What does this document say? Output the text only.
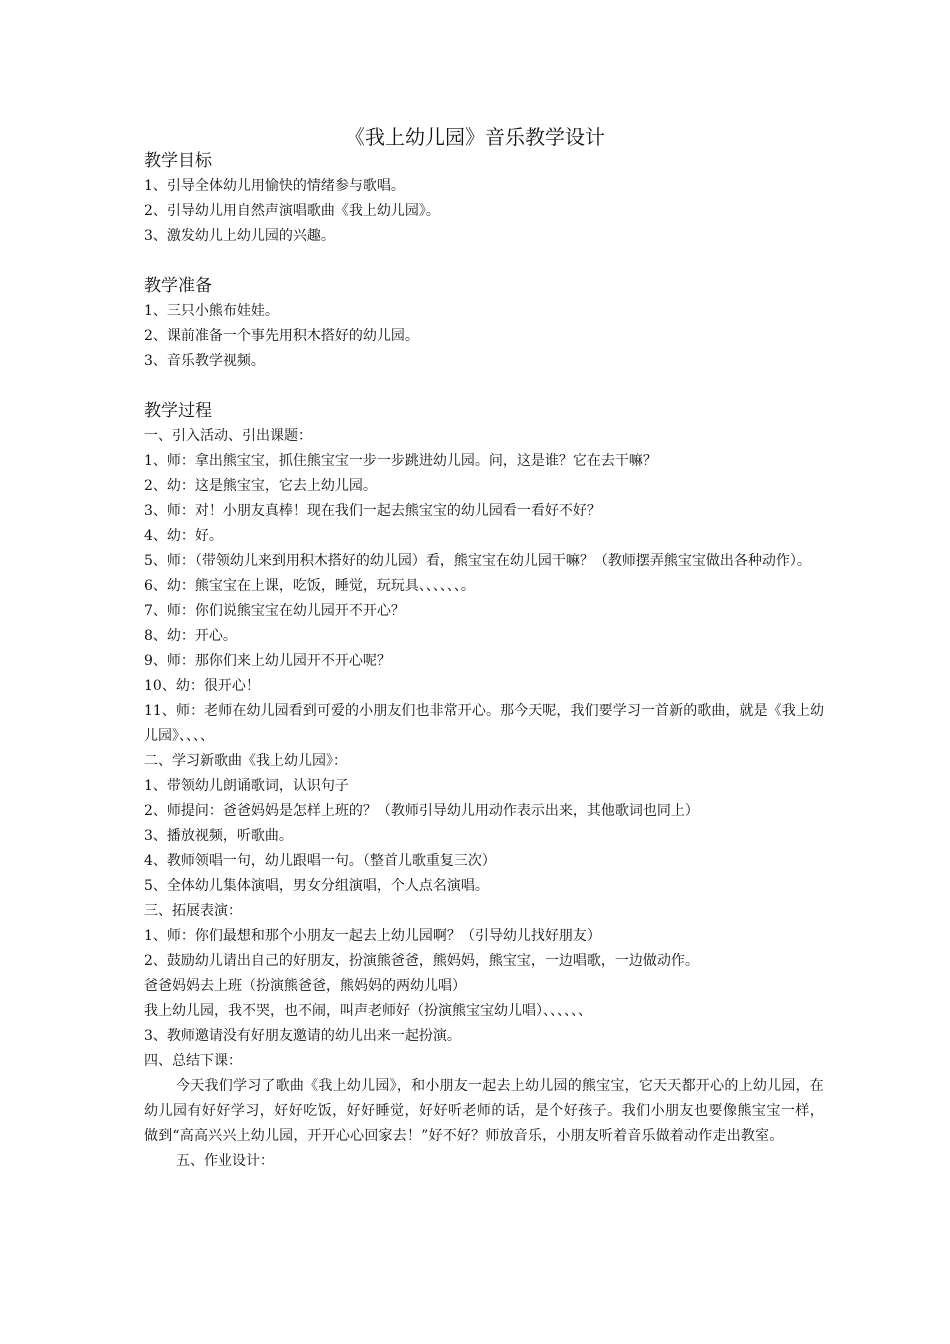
《我上幼儿园》音乐教学设计
教学目标
1、引导全体幼儿用愉快的情绪参与歌唱。
2、引导幼儿用自然声演唱歌曲《我上幼儿园》。
3、激发幼儿上幼儿园的兴趣。
教学准备
1、三只小熊布娃娃。
2、课前准备一个事先用积木搭好的幼儿园。
3、音乐教学视频。
教学过程
一、引入活动、引出课题：
1、师：拿出熊宝宝，抓住熊宝宝一步一步跳进幼儿园。问，这是谁？它在去干嘛？
2、幼：这是熊宝宝，它去上幼儿园。
3、师：对！小朋友真棒！现在我们一起去熊宝宝的幼儿园看一看好不好？
4、幼：好。
5、师：（带领幼儿来到用积木搭好的幼儿园）看，熊宝宝在幼儿园干嘛？（教师摆弄熊宝宝做出各种动作）。
6、幼：熊宝宝在上课，吃饭，睡觉，玩玩具、、、、、、。
7、师：你们说熊宝宝在幼儿园开不开心？
8、幼：开心。
9、师：那你们来上幼儿园开不开心呢？
10、幼：很开心！
11、师：老师在幼儿园看到可爱的小朋友们也非常开心。那今天呢，我们要学习一首新的歌曲，就是《我上幼儿园》、、、、
二、学习新歌曲《我上幼儿园》：
1、带领幼儿朗诵歌词，认识句子
2、师提问：爸爸妈妈是怎样上班的？（教师引导幼儿用动作表示出来，其他歌词也同上）
3、播放视频，听歌曲。
4、教师领唱一句，幼儿跟唱一句。（整首儿歌重复三次）
5、全体幼儿集体演唱，男女分组演唱，个人点名演唱。
三、拓展表演：
1、师：你们最想和那个小朋友一起去上幼儿园啊？（引导幼儿找好朋友）
2、鼓励幼儿请出自己的好朋友，扮演熊爸爸，熊妈妈，熊宝宝，一边唱歌，一边做动作。
爸爸妈妈去上班（扮演熊爸爸，熊妈妈的两幼儿唱）
我上幼儿园，我不哭，也不闹，叫声老师好（扮演熊宝宝幼儿唱）、、、、、、
3、教师邀请没有好朋友邀请的幼儿出来一起扮演。
四、总结下课：
今天我们学习了歌曲《我上幼儿园》，和小朋友一起去上幼儿园的熊宝宝，它天天都开心的上幼儿园，在幼儿园有好好学习，好好吃饭，好好睡觉，好好听老师的话，是个好孩子。我们小朋友也要像熊宝宝一样，做到“高高兴兴上幼儿园，开开心心回家去！”好不好？师放音乐，小朋友听着音乐做着动作走出教室。
五、作业设计：
